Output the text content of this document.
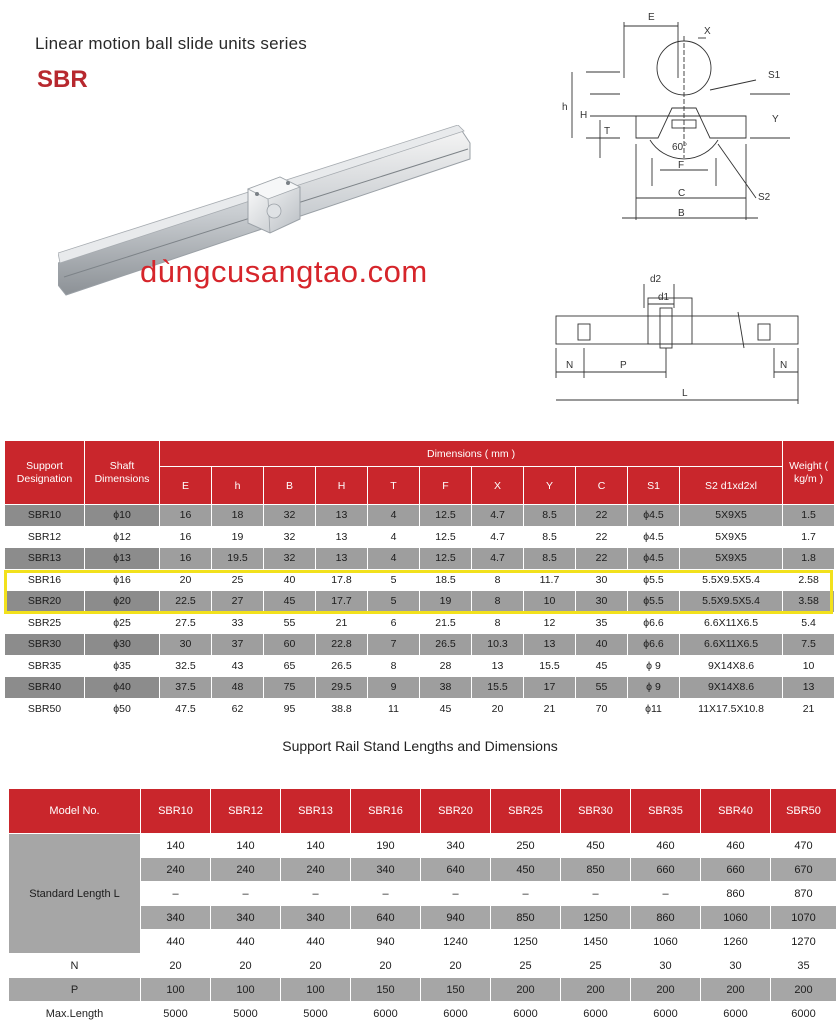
Linear motion ball slide units series
SBR
dùngcusangtao.com
E
X
S1
h
H
T
Y
60°
F
C	S2
B
d2
d1
N	P	N
L
Support Designation	Shaft Dimensions	Dimensions ( mm )											Weight ( kg/m )
		E	h	B	H	T	F	X	Y	C	S1	S2 d1xd2xl	
SBR10	ϕ10	16	18	32	13	4	12.5	4.7	8.5	22	ϕ4.5	5X9X5	1.5
SBR12	ϕ12	16	19	32	13	4	12.5	4.7	8.5	22	ϕ4.5	5X9X5	1.7
SBR13	ϕ13	16	19.5	32	13	4	12.5	4.7	8.5	22	ϕ4.5	5X9X5	1.8
SBR16	ϕ16	20	25	40	17.8	5	18.5	8	11.7	30	ϕ5.5	5.5X9.5X5.4	2.58
SBR20	ϕ20	22.5	27	45	17.7	5	19	8	10	30	ϕ5.5	5.5X9.5X5.4	3.58
SBR25	ϕ25	27.5	33	55	21	6	21.5	8	12	35	ϕ6.6	6.6X11X6.5	5.4
SBR30	ϕ30	30	37	60	22.8	7	26.5	10.3	13	40	ϕ6.6	6.6X11X6.5	7.5
SBR35	ϕ35	32.5	43	65	26.5	8	28	13	15.5	45	ϕ 9	9X14X8.6	10
SBR40	ϕ40	37.5	48	75	29.5	9	38	15.5	17	55	ϕ 9	9X14X8.6	13
SBR50	ϕ50	47.5	62	95	38.8	11	45	20	21	70	ϕ11	11X17.5X10.8	21
Support Rail Stand Lengths and Dimensions
Model No.	SBR10	SBR12	SBR13	SBR16	SBR20	SBR25	SBR30	SBR35	SBR40	SBR50
Standard Length L	140	140	140	190	340	250	450	460	460	470
	240	240	240	340	640	450	850	660	660	670
	–	–	–	–	–	–	–	–	860	870
	340	340	340	640	940	850	1250	860	1060	1070
	440	440	440	940	1240	1250	1450	1060	1260	1270
N	20	20	20	20	20	25	25	30	30	35
P	100	100	100	150	150	200	200	200	200	200
Max.Length	5000	5000	5000	6000	6000	6000	6000	6000	6000	6000
